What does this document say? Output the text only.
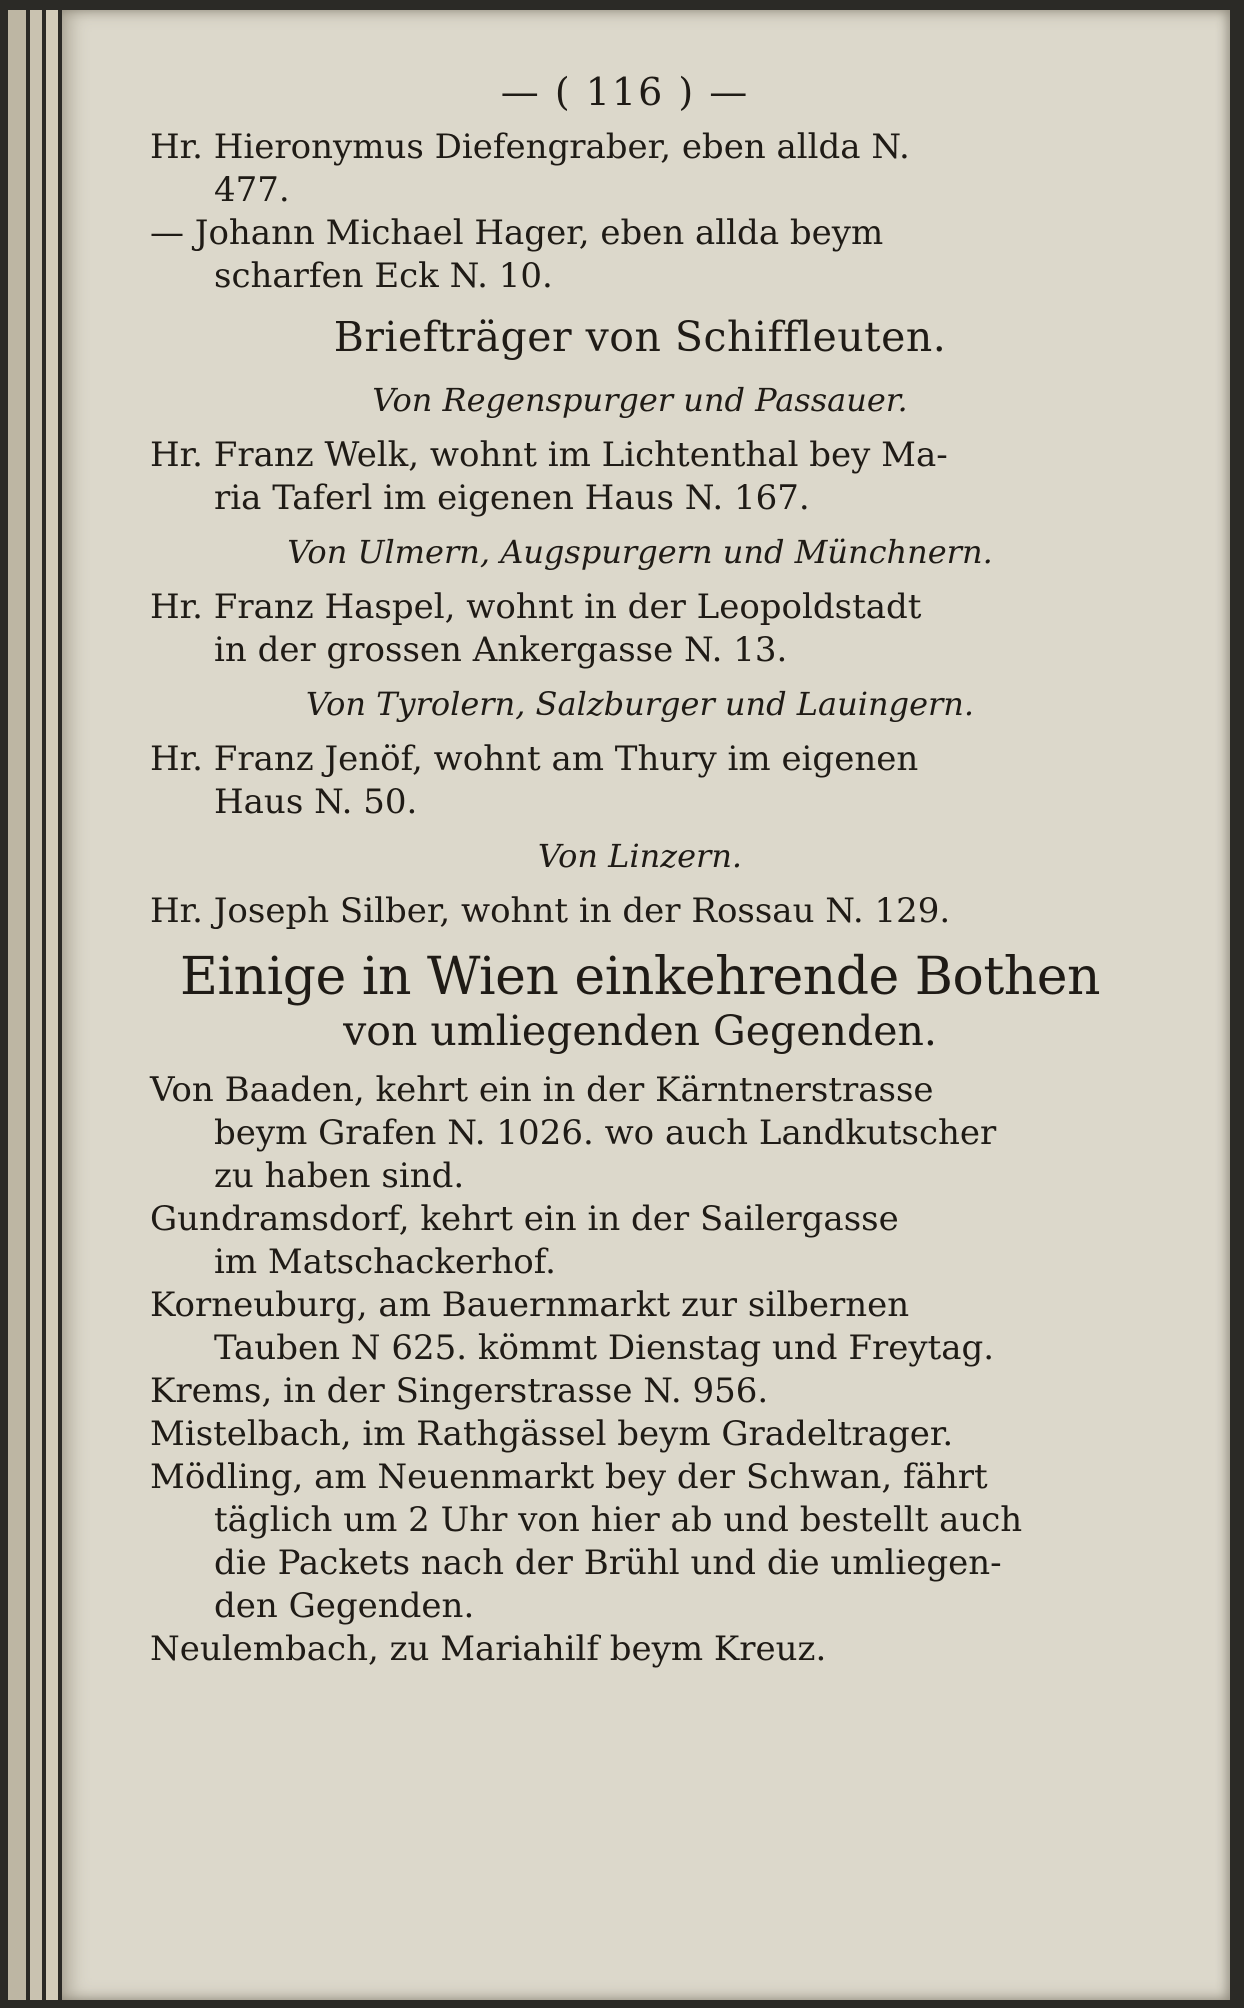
— ( 116 ) —
Hr. Hieronymus Diefengraber, eben allda N.
477.
— Johann Michael Hager, eben allda beym
scharfen Eck N. 10.
Briefträger von Schiffleuten.
Von Regenspurger und Passauer.
Hr. Franz Welk, wohnt im Lichtenthal bey Ma-
ria Taferl im eigenen Haus N. 167.
Von Ulmern, Augspurgern und Münchnern.
Hr. Franz Haspel, wohnt in der Leopoldstadt
in der grossen Ankergasse N. 13.
Von Tyrolern, Salzburger und Lauingern.
Hr. Franz Jenöf, wohnt am Thury im eigenen
Haus N. 50.
Von Linzern.
Hr. Joseph Silber, wohnt in der Rossau N. 129.
Einige in Wien einkehrende Bothen
von umliegenden Gegenden.
Von Baaden, kehrt ein in der Kärntnerstrasse
beym Grafen N. 1026. wo auch Landkutscher
zu haben sind.
Gundramsdorf, kehrt ein in der Sailergasse
im Matschackerhof.
Korneuburg, am Bauernmarkt zur silbernen
Tauben N 625. kömmt Dienstag und Freytag.
Krems, in der Singerstrasse N. 956.
Mistelbach, im Rathgässel beym Gradeltrager.
Mödling, am Neuenmarkt bey der Schwan, fährt
täglich um 2 Uhr von hier ab und bestellt auch
die Packets nach der Brühl und die umliegen-
den Gegenden.
Neulembach, zu Mariahilf beym Kreuz.
